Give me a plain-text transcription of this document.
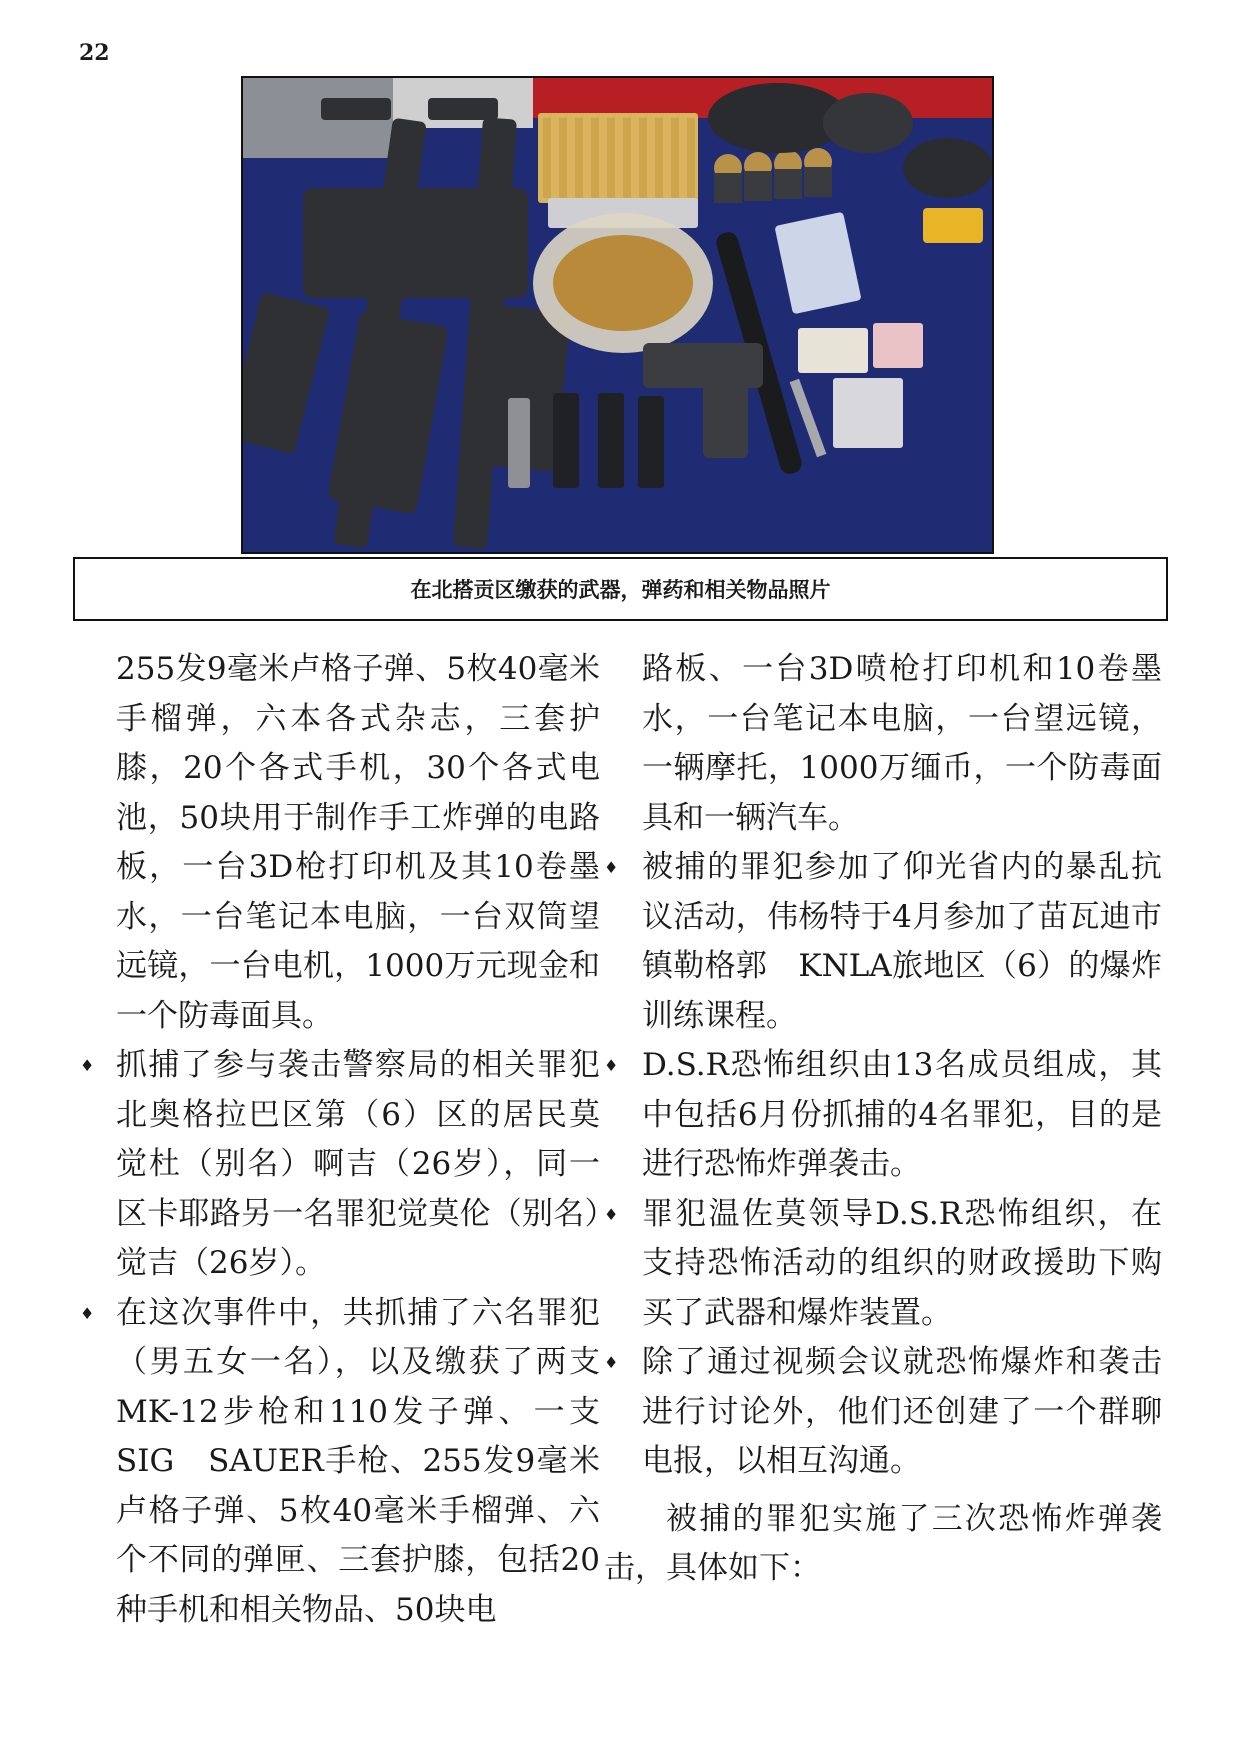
22
在北搭贡区缴获的武器，弹药和相关物品照片

255发9毫米卢格子弹、5枚40毫米手榴弹，六本各式杂志，三套护膝，20个各式手机，30个各式电池，50块用于制作手工炸弹的电路板，一台3D枪打印机及其10卷墨水，一台笔记本电脑，一台双筒望远镜，一台电机，1000万元现金和一个防毒面具。

♦ 抓捕了参与袭击警察局的相关罪犯北奥格拉巴区第（6）区的居民莫觉杜（别名）啊吉（26岁），同一区卡耶路另一名罪犯觉莫伦（别名）觉吉（26岁）。

♦ 在这次事件中，共抓捕了六名罪犯（男五女一名），以及缴获了两支MK-12步枪和110发子弹、一支SIG　SAUER手枪、255发9毫米卢格子弹、5枚40毫米手榴弹、六个不同的弹匣、三套护膝，包括20种手机和相关物品、50块电

路板、一台3D喷枪打印机和10卷墨水，一台笔记本电脑，一台望远镜，一辆摩托，1000万缅币，一个防毒面具和一辆汽车。

♦ 被捕的罪犯参加了仰光省内的暴乱抗议活动，伟杨特于4月参加了苗瓦迪市镇勒格郭　KNLA旅地区（6）的爆炸训练课程。

♦ D.S.R恐怖组织由13名成员组成，其中包括6月份抓捕的4名罪犯，目的是进行恐怖炸弹袭击。

♦ 罪犯温佐莫领导D.S.R恐怖组织，在支持恐怖活动的组织的财政援助下购买了武器和爆炸装置。

♦ 除了通过视频会议就恐怖爆炸和袭击进行讨论外，他们还创建了一个群聊电报，以相互沟通。

被捕的罪犯实施了三次恐怖炸弹袭击，具体如下：
